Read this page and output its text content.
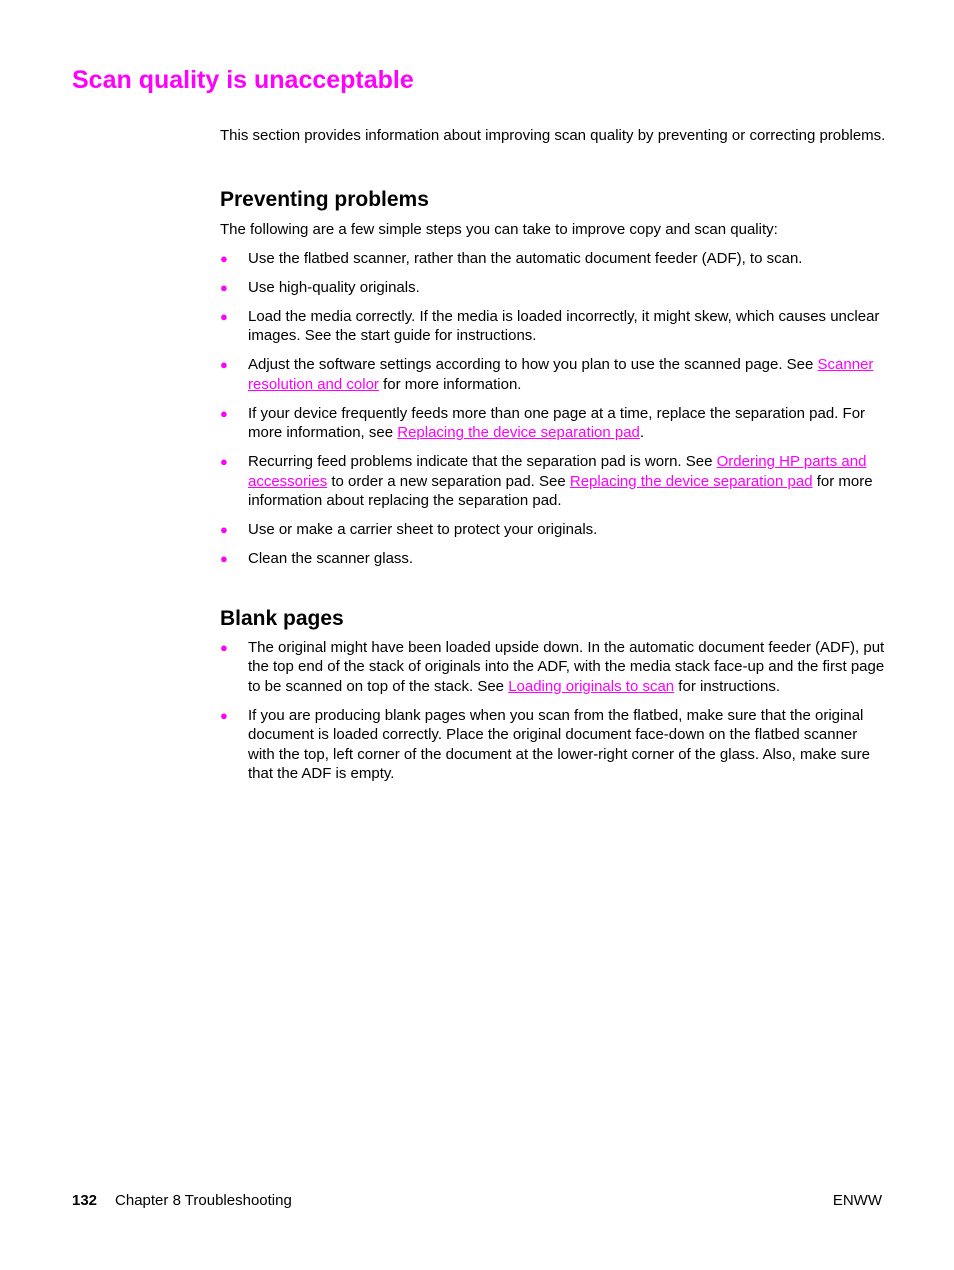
Scan quality is unacceptable

This section provides information about improving scan quality by preventing or correcting problems.

Preventing problems

The following are a few simple steps you can take to improve copy and scan quality:

● Use the flatbed scanner, rather than the automatic document feeder (ADF), to scan.
● Use high-quality originals.
● Load the media correctly. If the media is loaded incorrectly, it might skew, which causes unclear images. See the start guide for instructions.
● Adjust the software settings according to how you plan to use the scanned page. See Scanner resolution and color for more information.
● If your device frequently feeds more than one page at a time, replace the separation pad. For more information, see Replacing the device separation pad.
● Recurring feed problems indicate that the separation pad is worn. See Ordering HP parts and accessories to order a new separation pad. See Replacing the device separation pad for more information about replacing the separation pad.
● Use or make a carrier sheet to protect your originals.
● Clean the scanner glass.
Blank pages
● The original might have been loaded upside down. In the automatic document feeder (ADF), put the top end of the stack of originals into the ADF, with the media stack face-up and the first page to be scanned on top of the stack. See Loading originals to scan for instructions.
● If you are producing blank pages when you scan from the flatbed, make sure that the original document is loaded correctly. Place the original document face-down on the flatbed scanner with the top, left corner of the document at the lower-right corner of the glass. Also, make sure that the ADF is empty.
132 Chapter 8 Troubleshooting	ENWW
